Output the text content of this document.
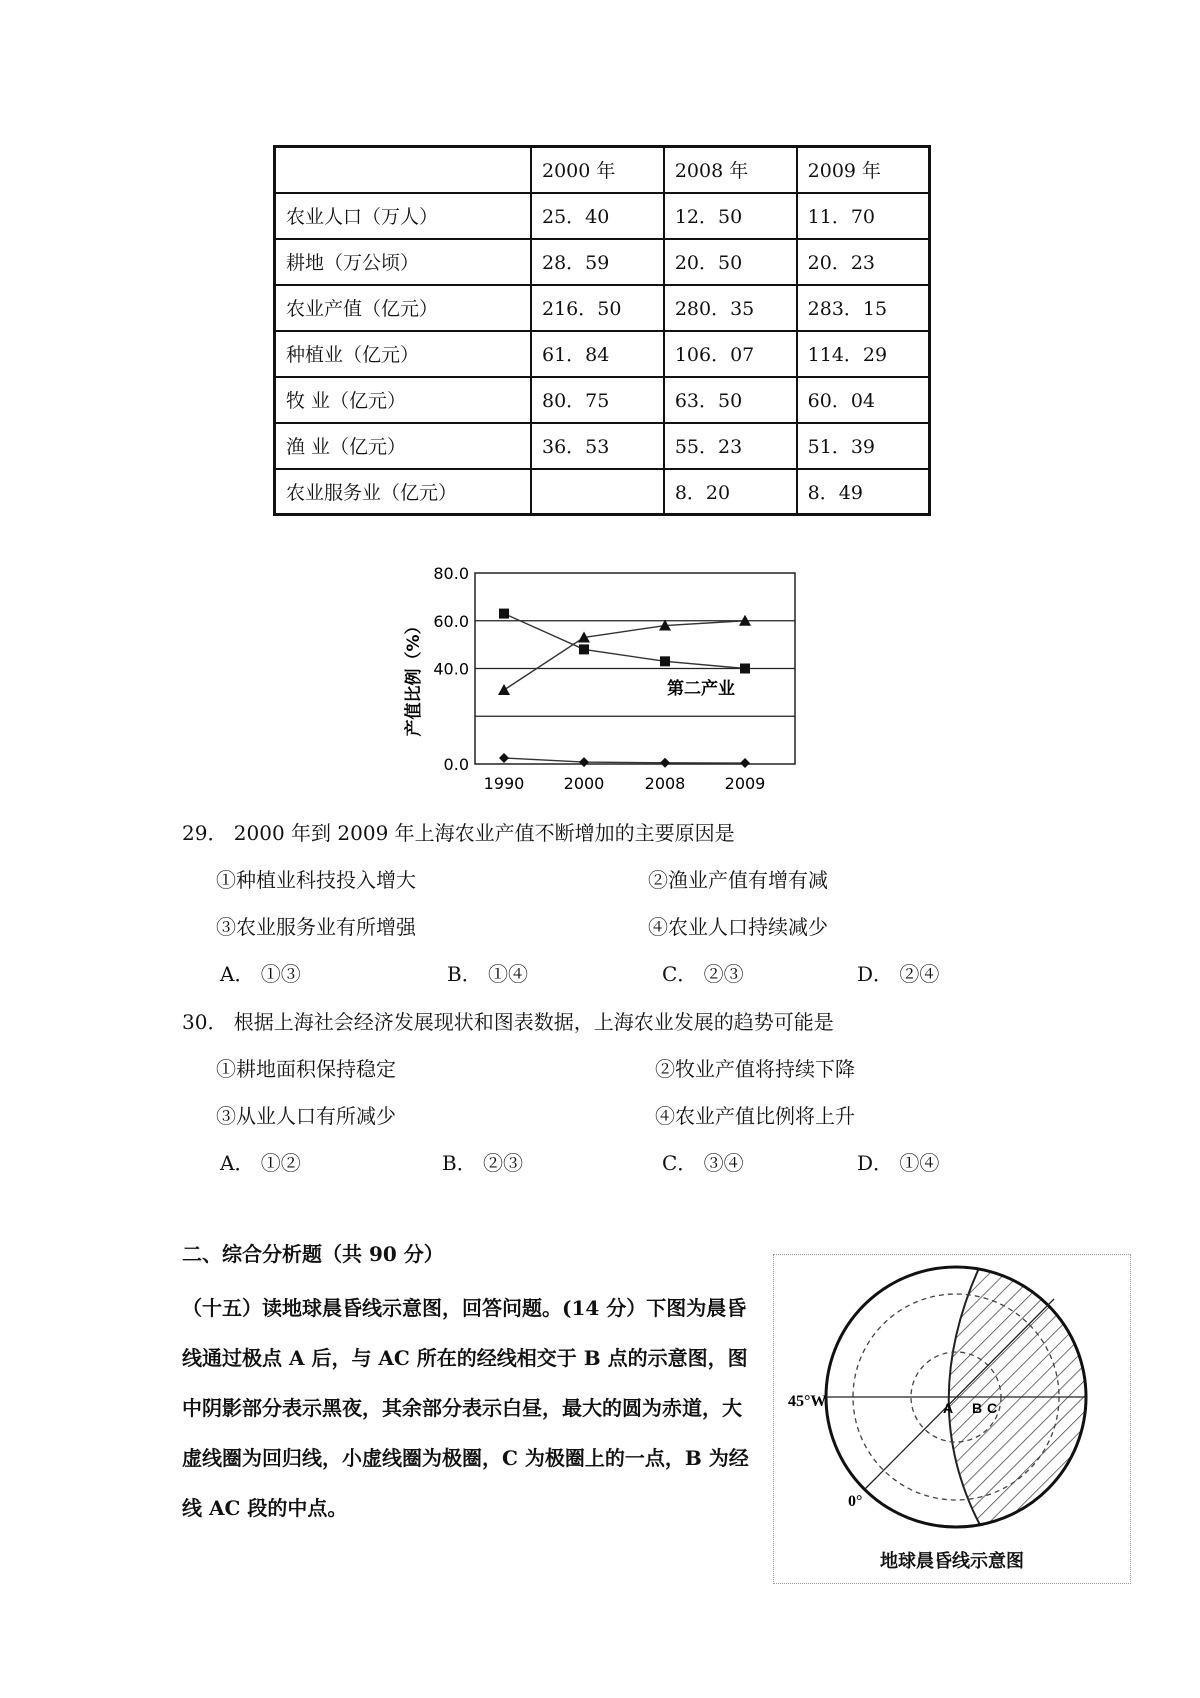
	2000 年	2008 年	2009 年
农业人口（万人）	25．40	12．50	11．70
耕地（万公顷）	28．59	20．50	20．23
农业产值（亿元）	216．50	280．35	283．15
种植业（亿元）	61．84	106．07	114．29
牧 业（亿元）	80．75	63．50	60．04
渔 业（亿元）	36．53	55．23	51．39
农业服务业（亿元）		8．20	8．49
产值比例（%）
0.0
40.0
60.0
80.0
1990 2000	2008 2009
第二产业
29． 2000 年到 2009 年上海农业产值不断增加的主要原因是
①种植业科技投入增大	②渔业产值有增有减
③农业服务业有所增强	④农业人口持续减少
A． ①③	B． ①④	C． ②③	D． ②④
30． 根据上海社会经济发展现状和图表数据，上海农业发展的趋势可能是
①耕地面积保持稳定	②牧业产值将持续下降
③从业人口有所减少	④农业产值比例将上升
A． ①②	B． ②③	C． ③④	D． ①④
二、综合分析题（共 90 分）
（十五）读地球晨昏线示意图，回答问题。(14 分）下图为晨昏线通过极点 A 后，与 AC 所在的经线相交于 B 点的示意图，图中阴影部分表示黑夜，其余部分表示白昼，最大的圆为赤道，大虚线圈为回归线，小虚线圈为极圈，C 为极圈上的一点，B 为经线 AC 段的中点。
45°W
0°
A B C
地球晨昏线示意图
